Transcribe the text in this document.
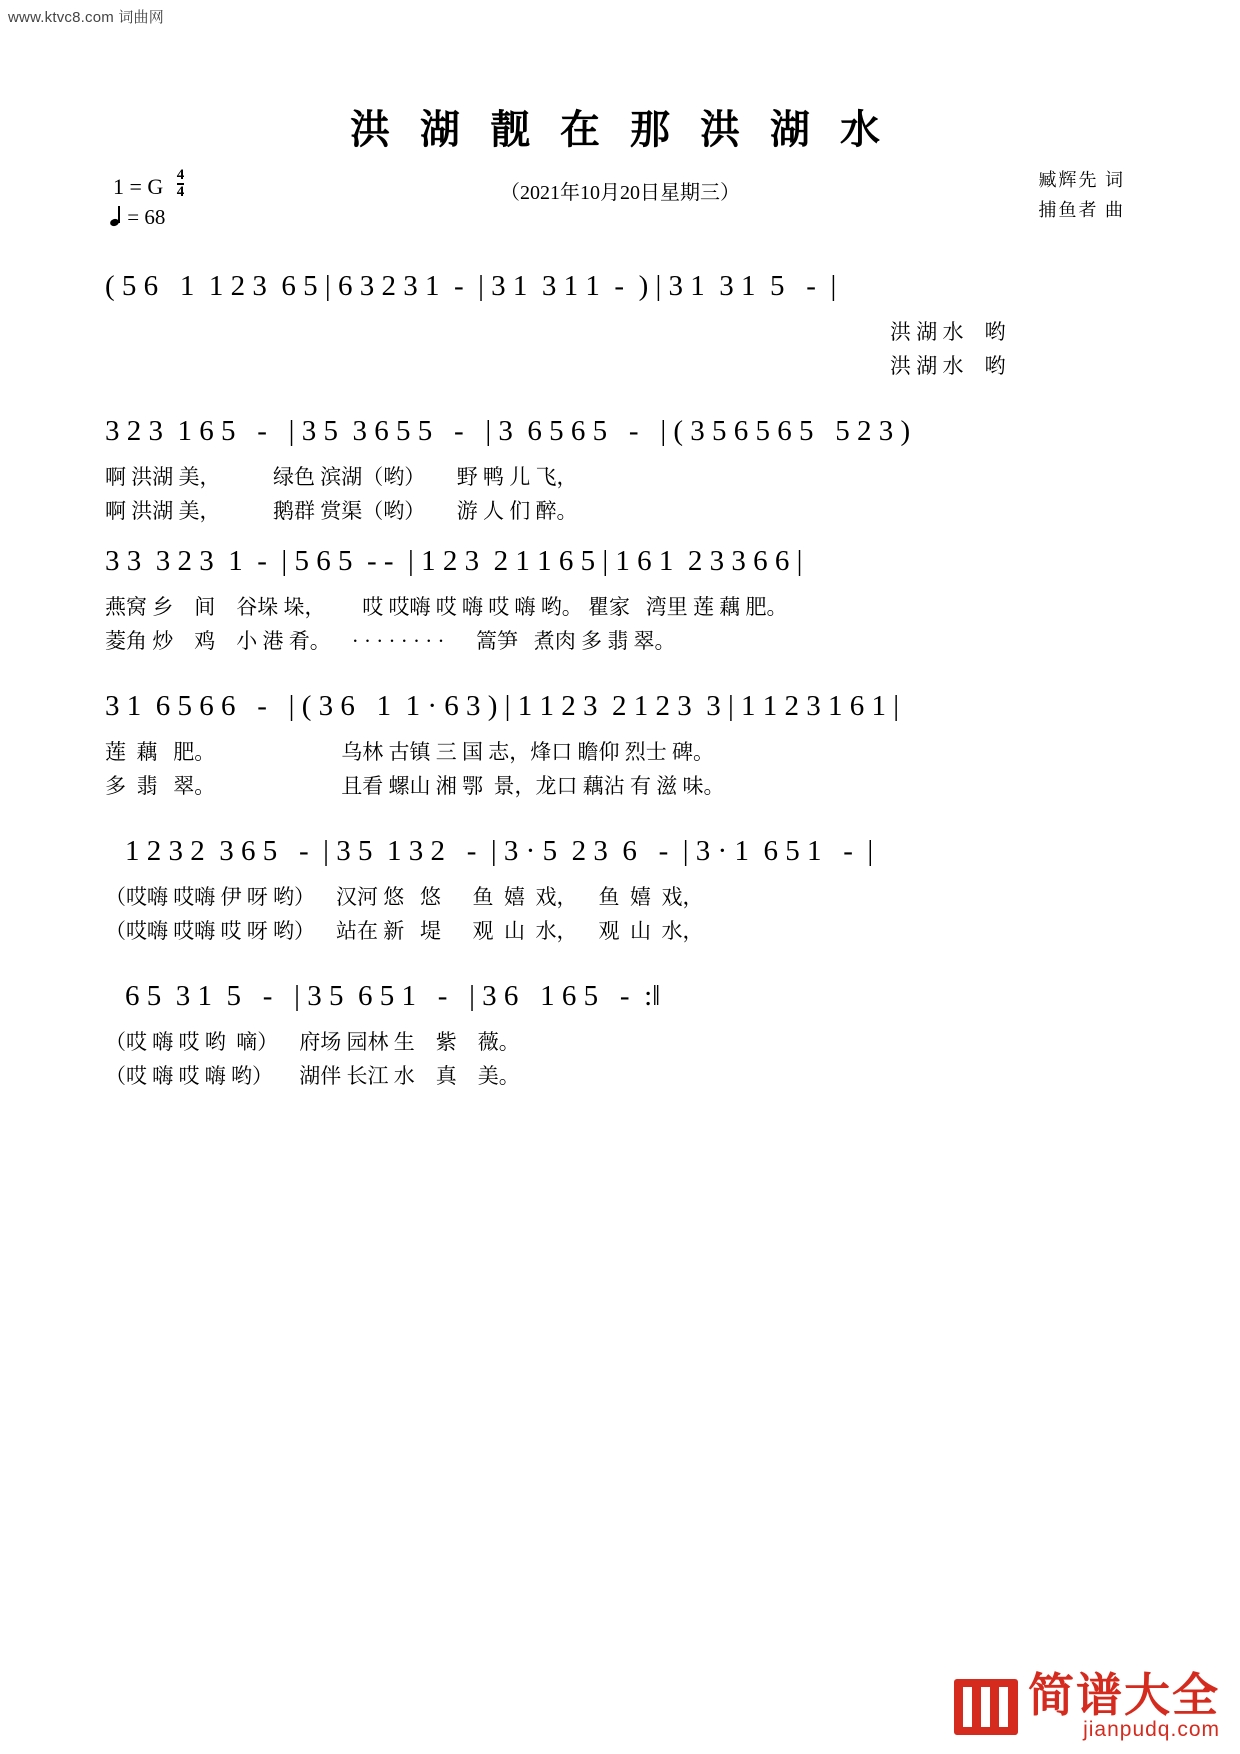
www.ktvc8.com 词曲网
洪 湖 靓 在 那 洪 湖 水
（2021年10月20日星期三）
1 = G $\frac{4}{4}$
= 68
臧辉先 词
捕鱼者 曲
( 5 6   1  1 2 3  6 5 | 6 3 2 3 1  -  | 3 1  3 1 1  -  ) | 3 1  3 1  5   -  |
洪 湖 水    哟
洪 湖 水    哟
3 2 3  1 6 5   -   | 3 5  3 6 5 5   -   | 3  6 5 6 5   -   | ( 3 5 6 5 6 5   5 2 3 )
啊 洪湖 美，          绿色 滨湖（哟）      野 鸭 儿 飞，
啊 洪湖 美，          鹅群 赏渠（哟）      游 人 们 醉。
3 3  3 2 3  1  -  | 5 6 5  - -  | 1 2 3  2 1 1 6 5 | 1 6 1  2 3 3 6 6 |
燕窝 乡    间    谷垛 垛，       哎 哎嗨 哎 嗨 哎 嗨 哟。 瞿家   湾里 莲 藕 肥。
菱角 炒    鸡    小 港 肴。    · · · · · · · ·      篙笋   煮肉 多 翡 翠。
3 1  6 5 6 6   -   | ( 3 6   1  1 · 6 3 ) | 1 1 2 3  2 1 2 3  3 | 1 1 2 3 1 6 1 |
莲  藕   肥。                        乌林 古镇 三 国 志，烽口 瞻仰 烈士 碑。
多  翡   翠。                        且看 螺山 湘 鄂  景，龙口 藕沾 有 滋 味。
1 2 3 2  3 6 5   -  | 3 5  1 3 2   -  | 3 · 5  2 3  6   -  | 3 · 1  6 5 1   -  |
（哎嗨 哎嗨 伊 呀 哟）    汉河 悠   悠      鱼  嬉  戏，    鱼  嬉  戏，
（哎嗨 哎嗨 哎 呀 哟）    站在 新   堤      观  山  水，    观  山  水，
6 5  3 1  5   -   | 3 5  6 5 1   -   | 3 6   1 6 5   -  :‖
（哎 嗨 哎 哟  嘀）    府场 园林 生    紫    薇。
（哎 嗨 哎 嗨 哟）     湖伴 长江 水    真    美。
简谱大全
jianpudq.com
